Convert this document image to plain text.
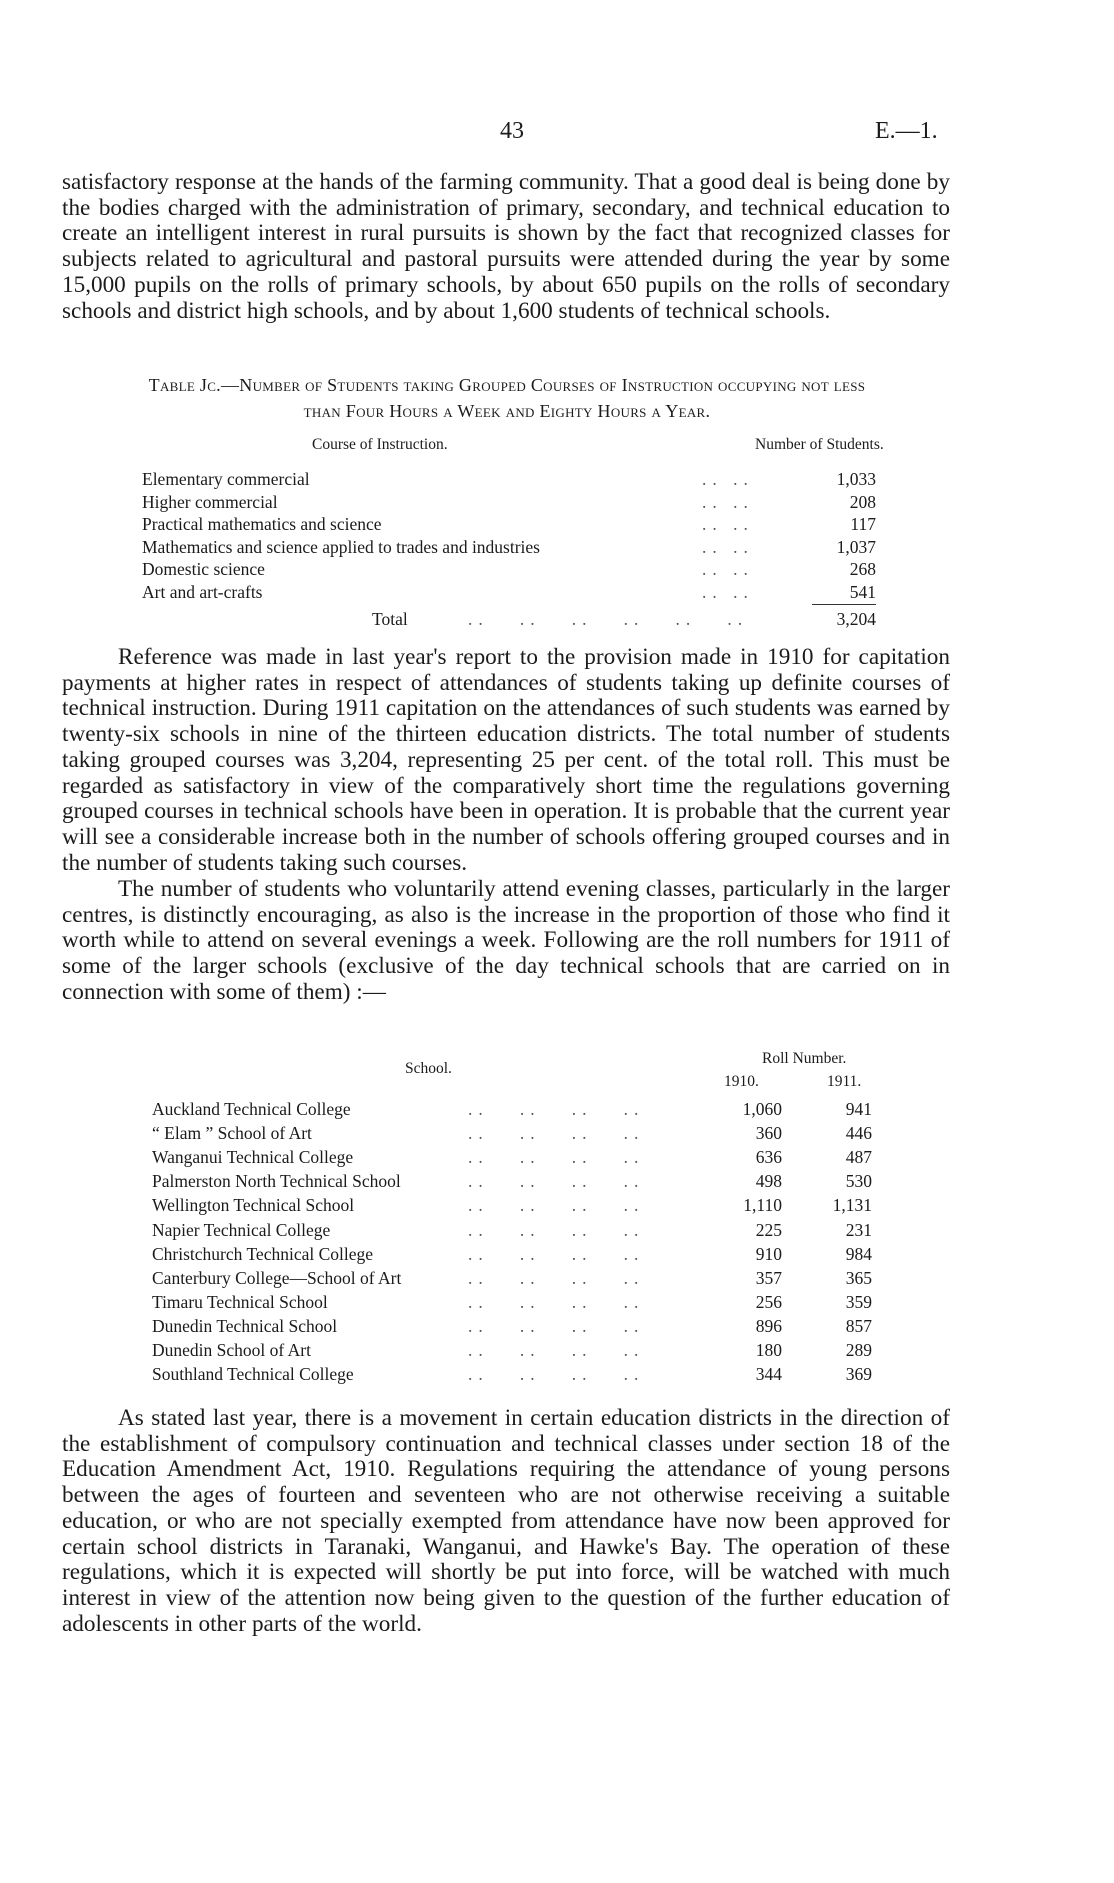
43	E.—1.

satisfactory response at the hands of the farming community. That a good deal is being done by the bodies charged with the administration of primary, secondary, and technical education to create an intelligent interest in rural pursuits is shown by the fact that recognized classes for subjects related to agricultural and pastoral pursuits were attended during the year by some 15,000 pupils on the rolls of primary schools, by about 650 pupils on the rolls of secondary schools and district high schools, and by about 1,600 students of technical schools.

Table Jc.—Number of Students taking Grouped Courses of Instruction occupying not less

than Four Hours a Week and Eighty Hours a Year.

Course of Instruction.	Number of Students.
Elementary commercial	.. ..	1,033
Higher commercial	.. ..	208
Practical mathematics and science	.. ..	117
Mathematics and science applied to trades and industries	.. ..	1,037
Domestic science	.. ..	268
Art and art-crafts	.. ..	541
Total	..   ..   ..   ..   ..   ..	3,204

Reference was made in last year's report to the provision made in 1910 for capitation payments at higher rates in respect of attendances of students taking up definite courses of technical instruction. During 1911 capitation on the attendances of such students was earned by twenty-six schools in nine of the thirteen education districts. The total number of students taking grouped courses was 3,204, representing 25 per cent. of the total roll. This must be regarded as satisfactory in view of the comparatively short time the regulations governing grouped courses in technical schools have been in operation. It is probable that the current year will see a considerable increase both in the number of schools offering grouped courses and in the number of students taking such courses.

The number of students who voluntarily attend evening classes, particularly in the larger centres, is distinctly encouraging, as also is the increase in the proportion of those who find it worth while to attend on several evenings a week. Following are the roll numbers for 1911 of some of the larger schools (exclusive of the day technical schools that are carried on in connection with some of them) :—

School.
Roll Number.
1910.	1911.
Auckland Technical College	..   ..   ..   ..	1,060	941
“ Elam ” School of Art	..   ..   ..   ..	360	446
Wanganui Technical College	..   ..   ..   ..	636	487
Palmerston North Technical School	..   ..   ..   ..	498	530
Wellington Technical School	..   ..   ..   ..	1,110	1,131
Napier Technical College	..   ..   ..   ..	225	231
Christchurch Technical College	..   ..   ..   ..	910	984
Canterbury College—School of Art	..   ..   ..   ..	357	365
Timaru Technical School	..   ..   ..   ..	256	359
Dunedin Technical School	..   ..   ..   ..	896	857
Dunedin School of Art	..   ..   ..   ..	180	289
Southland Technical College	..   ..   ..   ..	344	369

As stated last year, there is a movement in certain education districts in the direction of the establishment of compulsory continuation and technical classes under section 18 of the Education Amendment Act, 1910. Regulations requiring the attendance of young persons between the ages of fourteen and seventeen who are not otherwise receiving a suitable education, or who are not specially exempted from attendance have now been approved for certain school districts in Taranaki, Wanganui, and Hawke's Bay. The operation of these regulations, which it is expected will shortly be put into force, will be watched with much interest in view of the attention now being given to the question of the further education of adolescents in other parts of the world.
